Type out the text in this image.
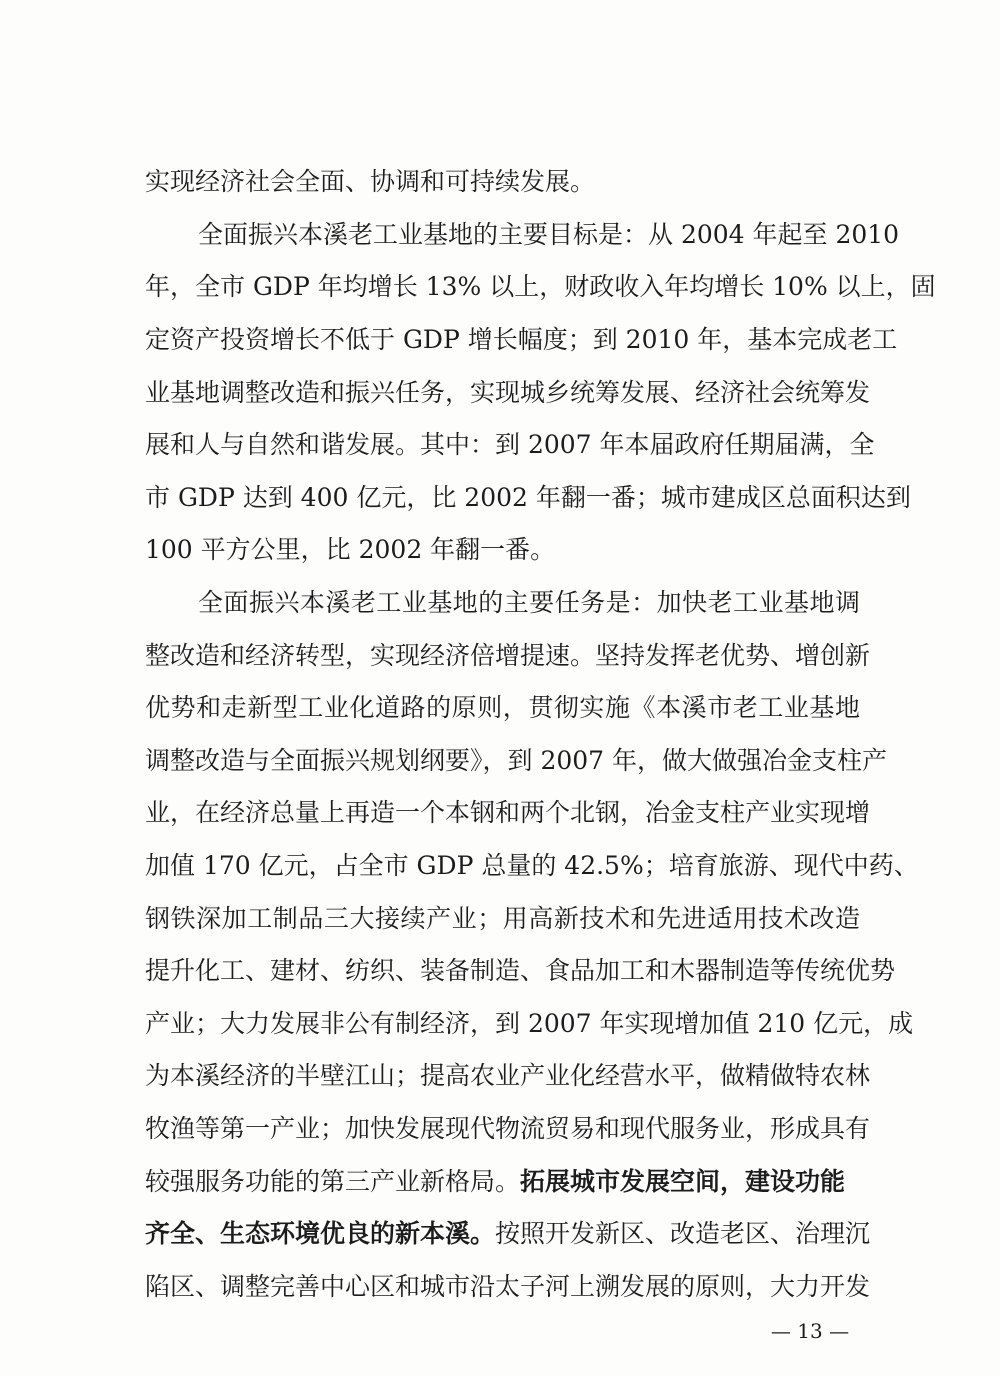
实现经济社会全面、协调和可持续发展。
全面振兴本溪老工业基地的主要目标是：从 2004 年起至 2010
年，全市 GDP 年均增长 13% 以上，财政收入年均增长 10% 以上，固
定资产投资增长不低于 GDP 增长幅度；到 2010 年，基本完成老工
业基地调整改造和振兴任务，实现城乡统筹发展、经济社会统筹发
展和人与自然和谐发展。其中：到 2007 年本届政府任期届满，全
市 GDP 达到 400 亿元，比 2002 年翻一番；城市建成区总面积达到
100 平方公里，比 2002 年翻一番。
全面振兴本溪老工业基地的主要任务是：加快老工业基地调
整改造和经济转型，实现经济倍增提速。坚持发挥老优势、增创新
优势和走新型工业化道路的原则，贯彻实施《本溪市老工业基地
调整改造与全面振兴规划纲要》，到 2007 年，做大做强冶金支柱产
业，在经济总量上再造一个本钢和两个北钢，冶金支柱产业实现增
加值 170 亿元，占全市 GDP 总量的 42.5%；培育旅游、现代中药、
钢铁深加工制品三大接续产业；用高新技术和先进适用技术改造
提升化工、建材、纺织、装备制造、食品加工和木器制造等传统优势
产业；大力发展非公有制经济，到 2007 年实现增加值 210 亿元，成
为本溪经济的半壁江山；提高农业产业化经营水平，做精做特农林
牧渔等第一产业；加快发展现代物流贸易和现代服务业，形成具有
较强服务功能的第三产业新格局。拓展城市发展空间，建设功能
齐全、生态环境优良的新本溪。按照开发新区、改造老区、治理沉
陷区、调整完善中心区和城市沿太子河上溯发展的原则，大力开发
— 13 —
